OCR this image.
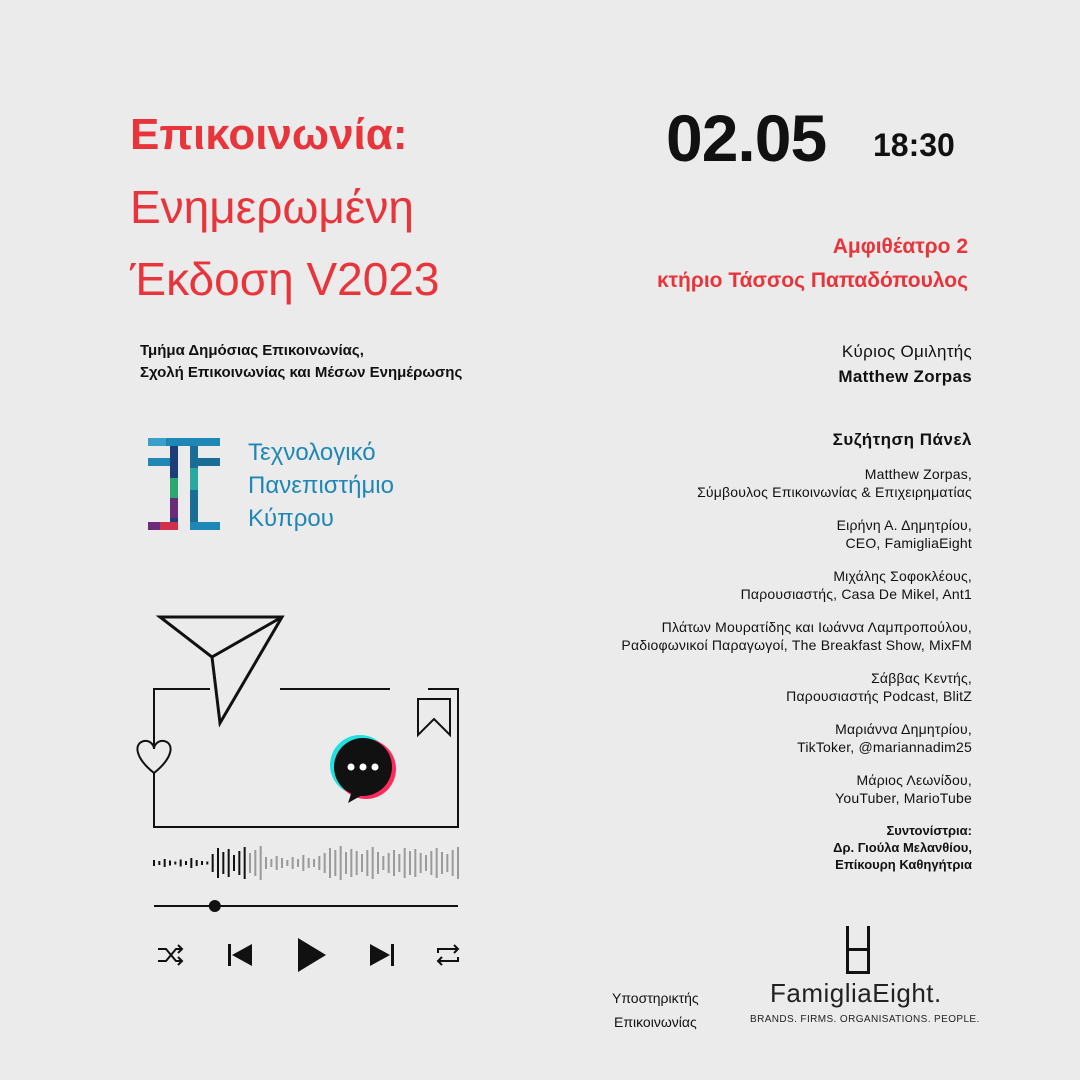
Επικοινωνία:
Ενημερωμένη
Έκδοση V2023
02.05 18:30
Αμφιθέατρο 2
κτήριο Τάσσος Παπαδόπουλος
Τμήμα Δημόσιας Επικοινωνίας,
Σχολή Επικοινωνίας και Μέσων Ενημέρωσης
Τεχνολογικό
Πανεπιστήμιο
Κύπρου
Κύριος Ομιλητής
Matthew Zorpas
Συζήτηση Πάνελ
Matthew Zorpas,
Σύμβουλος Επικοινωνίας & Επιχειρηματίας
Ειρήνη Α. Δημητρίου,
CEO, FamigliaEight
Μιχάλης Σοφοκλέους,
Παρουσιαστής, Casa De Mikel, Ant1
Πλάτων Μουρατίδης και Ιωάννα Λαμπροπούλου,
Ραδιοφωνικοί Παραγωγοί, The Breakfast Show, MixFM
Σάββας Κεντής,
Παρουσιαστής Podcast, BlitZ
Μαριάννα Δημητρίου,
TikToker, @mariannadim25
Μάριος Λεωνίδου,
YouTuber, MarioTube
Συντονίστρια:
Δρ. Γιούλα Μελανθίου,
Επίκουρη Καθηγήτρια
Υποστηρικτής
Επικοινωνίας
FamigliaEight.
BRANDS. FIRMS. ORGANISATIONS. PEOPLE.
